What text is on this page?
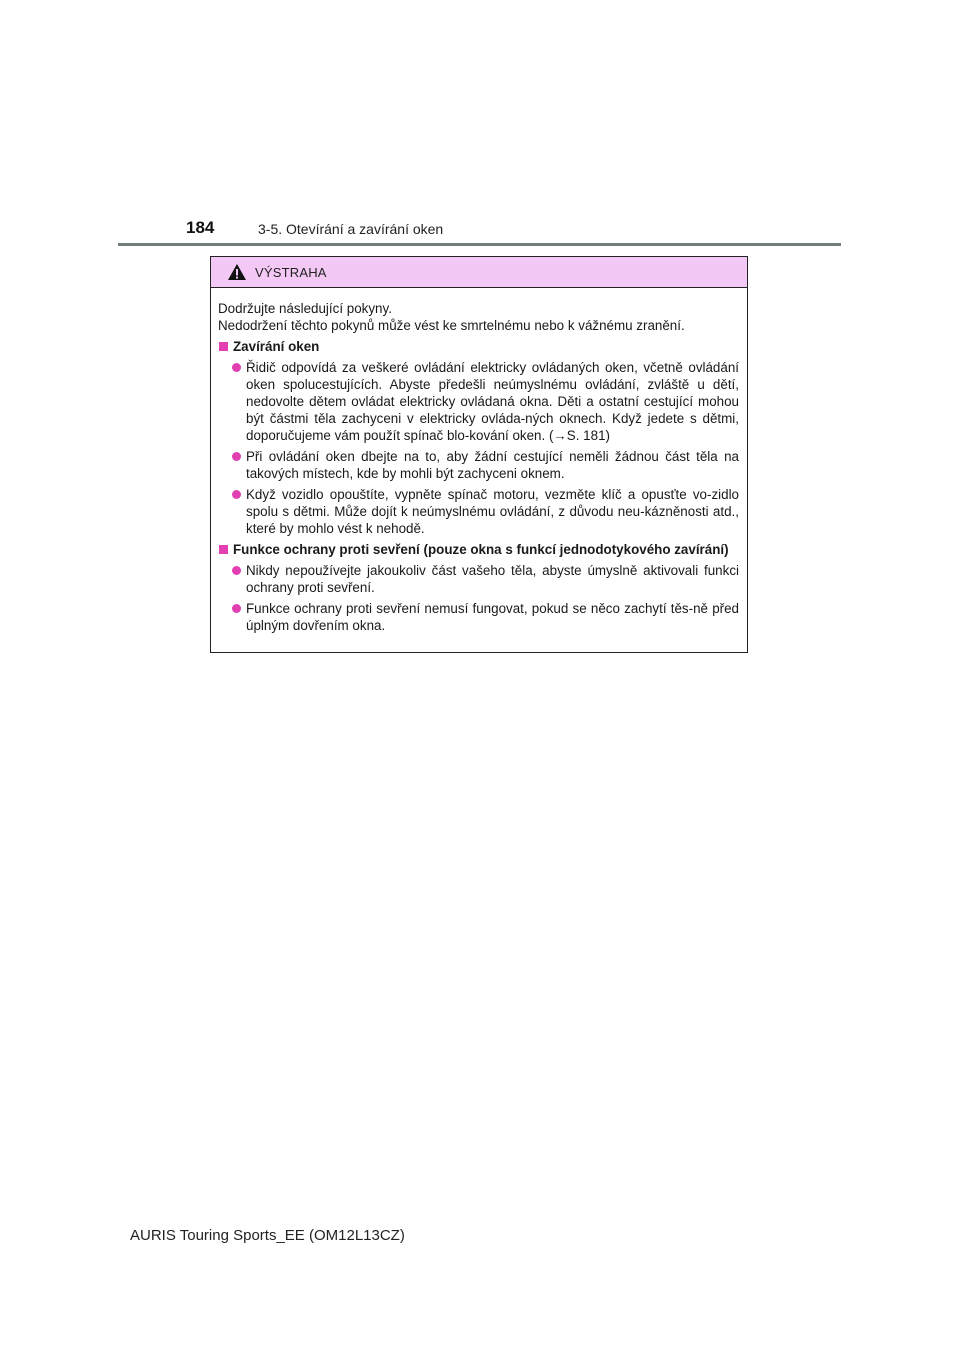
184	3-5. Otevírání a zavírání oken
VÝSTRAHA
Dodržujte následující pokyny.
Nedodržení těchto pokynů může vést ke smrtelnému nebo k vážnému zranění.
Zavírání oken
Řidič odpovídá za veškeré ovládání elektricky ovládaných oken, včetně ovládání oken spolucestujících. Abyste předešli neúmyslnému ovládání, zvláště u dětí, nedovolte dětem ovládat elektricky ovládaná okna. Děti a ostatní cestující mohou být částmi těla zachyceni v elektricky ovláda-ných oknech. Když jedete s dětmi, doporučujeme vám použít spínač blo-kování oken. (→S. 181)
Při ovládání oken dbejte na to, aby žádní cestující neměli žádnou část těla na takových místech, kde by mohli být zachyceni oknem.
Když vozidlo opouštíte, vypněte spínač motoru, vezměte klíč a opusťte vo-zidlo spolu s dětmi. Může dojít k neúmyslnému ovládání, z důvodu neu-kázněnosti atd., které by mohlo vést k nehodě.
Funkce ochrany proti sevření (pouze okna s funkcí jednodotykového zavírání)
Nikdy nepoužívejte jakoukoliv část vašeho těla, abyste úmyslně aktivovali funkci ochrany proti sevření.
Funkce ochrany proti sevření nemusí fungovat, pokud se něco zachytí těs-ně před úplným dovřením okna.
AURIS Touring Sports_EE (OM12L13CZ)
